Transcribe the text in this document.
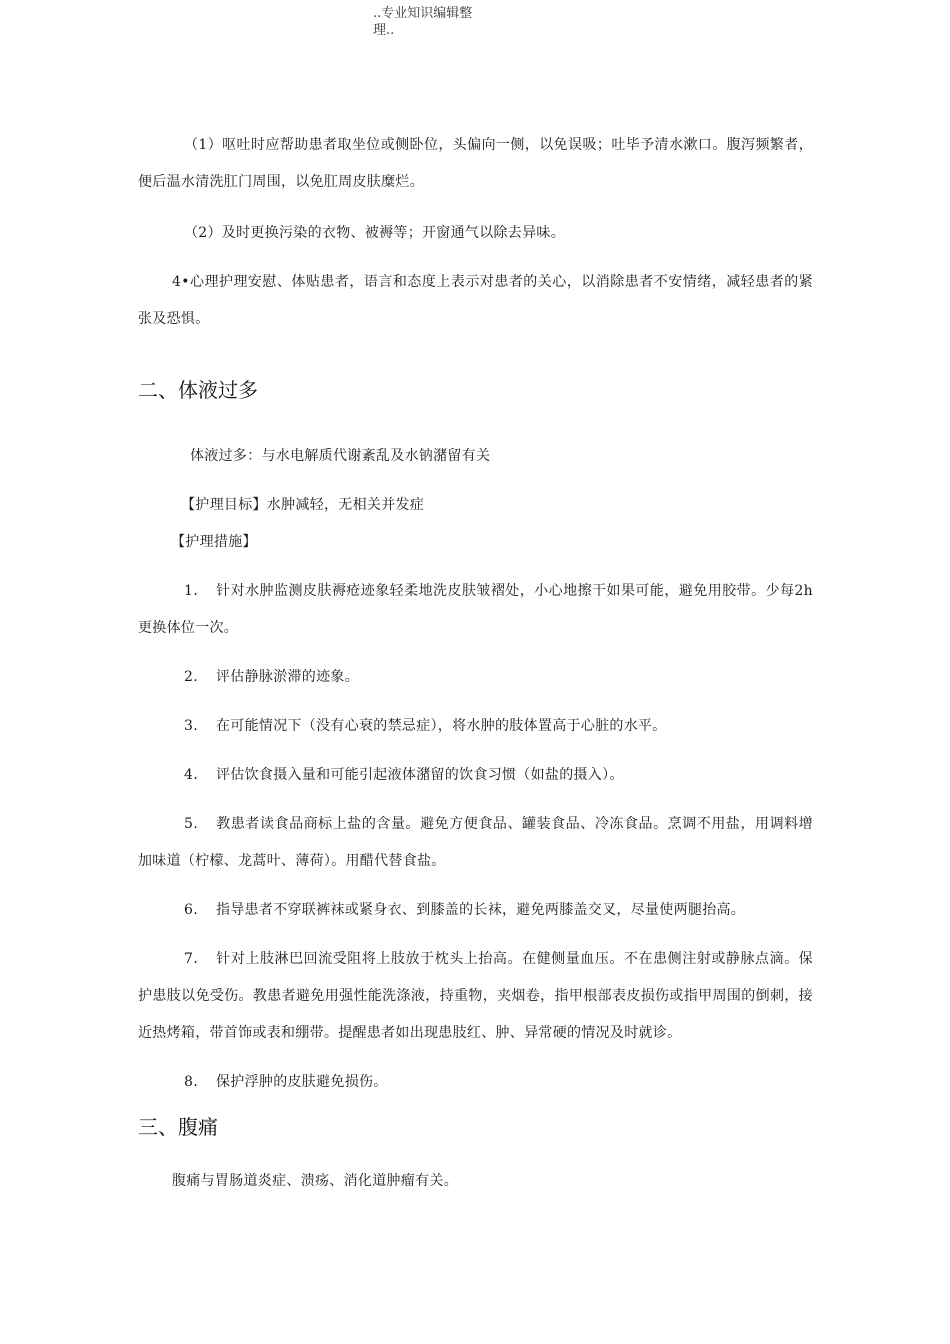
..专业知识编辑整
理..
（1）呕吐时应帮助患者取坐位或侧卧位，头偏向一侧，以免误吸；吐毕予清水漱口。腹泻频繁者，便后温水清洗肛门周围，以免肛周皮肤糜烂。
（2）及时更换污染的衣物、被褥等；开窗通气以除去异味。
4•心理护理安慰、体贴患者，语言和态度上表示对患者的关心，以消除患者不安情绪，减轻患者的紧张及恐惧。
二、体液过多
体液过多：与水电解质代谢紊乱及水钠潴留有关
【护理目标】水肿减轻，无相关并发症
【护理措施】
1. 针对水肿监测皮肤褥疮迹象轻柔地洗皮肤皱褶处，小心地擦干如果可能，避免用胶带。少每2h更换体位一次。
2. 评估静脉淤滞的迹象。
3. 在可能情况下（没有心衰的禁忌症），将水肿的肢体置高于心脏的水平。
4. 评估饮食摄入量和可能引起液体潴留的饮食习惯（如盐的摄入）。
5. 教患者读食品商标上盐的含量。避免方便食品、罐装食品、冷冻食品。烹调不用盐，用调料增加味道（柠檬、龙蒿叶、薄荷）。用醋代替食盐。
6. 指导患者不穿联裤袜或紧身衣、到膝盖的长袜，避免两膝盖交叉，尽量使两腿抬高。
7. 针对上肢淋巴回流受阻将上肢放于枕头上抬高。在健侧量血压。不在患侧注射或静脉点滴。保护患肢以免受伤。教患者避免用强性能洗涤液，持重物，夹烟卷，指甲根部表皮损伤或指甲周围的倒刺，接近热烤箱，带首饰或表和绷带。提醒患者如出现患肢红、肿、异常硬的情况及时就诊。
8. 保护浮肿的皮肤避免损伤。
三、腹痛
腹痛与胃肠道炎症、溃疡、消化道肿瘤有关。
